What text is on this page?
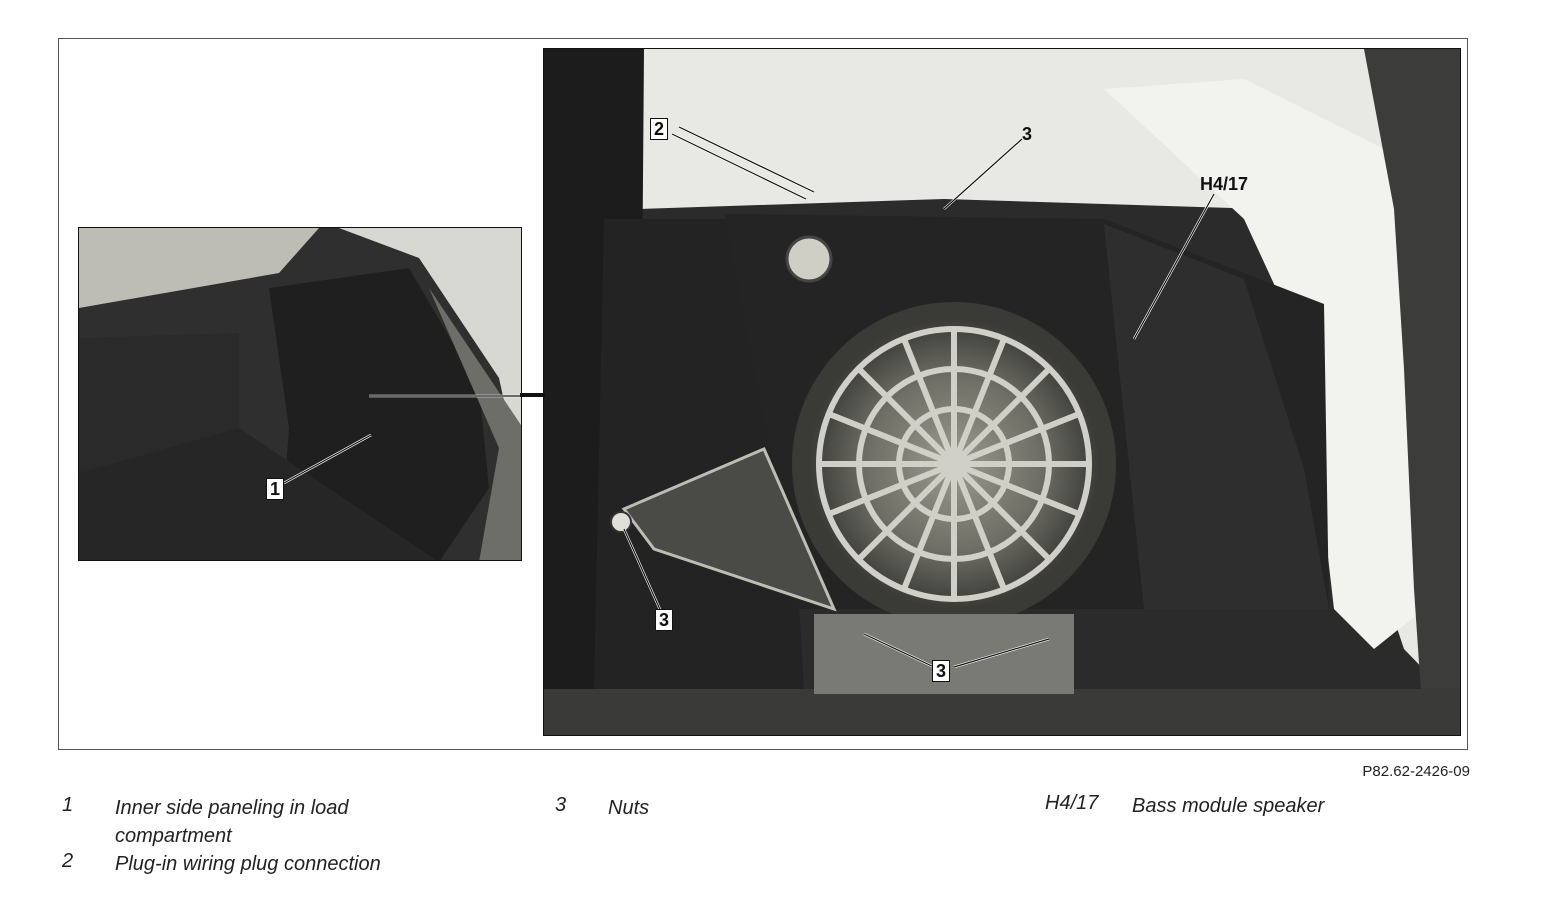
1
2	3
3
3
H4/17
P82.62-2426-09
1 Inner side paneling in load
compartment
2 Plug-in wiring plug connection
3 Nuts	H4/17 Bass module speaker
